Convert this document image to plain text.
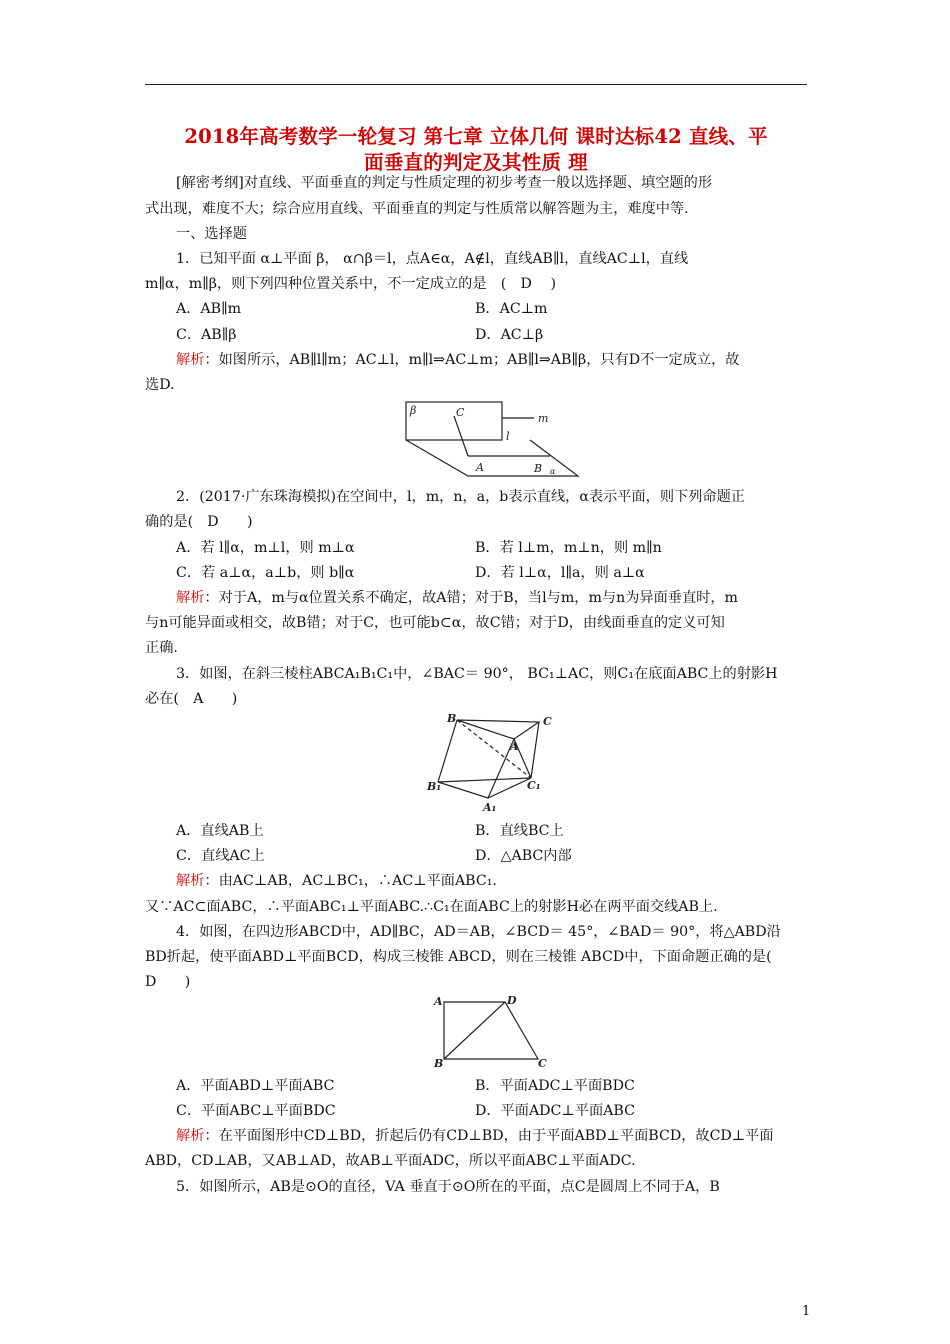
2018年高考数学一轮复习 第七章 立体几何 课时达标42 直线、平
面垂直的判定及其性质 理
[解密考纲]对直线、平面垂直的判定与性质定理的初步考查一般以选择题、填空题的形
式出现，难度不大；综合应用直线、平面垂直的判定与性质常以解答题为主，难度中等.
一、选择题
1．已知平面 α⊥平面 β， α∩β＝l，点A∈α，A∉l，直线AB∥l，直线AC⊥l，直线
m∥α，m∥β，则下列四种位置关系中，不一定成立的是　(　D　 )
A．AB∥m	B．AC⊥m
C．AB∥β	D．AC⊥β
解析：如图所示，AB∥l∥m；AC⊥l，m∥l⇒AC⊥m；AB∥l⇒AB∥β，只有D不一定成立，故
选D.
β	C	m
l
A	B α
2．(2017·广东珠海模拟)在空间中，l，m，n，a，b表示直线，α表示平面，则下列命题正
确的是(　D　　)
A．若 l∥α，m⊥l，则 m⊥α	B．若 l⊥m，m⊥n，则 m∥n
C．若 a⊥α，a⊥b，则 b∥α	D．若 l⊥α，l∥a，则 a⊥α
解析：对于A，m与α位置关系不确定，故A错；对于B，当l与m，m与n为异面垂直时，m
与n可能异面或相交，故B错；对于C，也可能b⊂α，故C错；对于D，由线面垂直的定义可知
正确.
3．如图，在斜三棱柱ABCA₁B₁C₁中，∠BAC＝ 90°， BC₁⊥AC，则C₁在底面ABC上的射影H
必在(　A　　)
B	C
A
B₁	C₁
A₁
A．直线AB上	B．直线BC上
C．直线AC上	D．△ABC内部
解析：由AC⊥AB，AC⊥BC₁，∴AC⊥平面ABC₁.
又∵AC⊂面ABC，∴平面ABC₁⊥平面ABC.∴C₁在面ABC上的射影H必在两平面交线AB上.
4．如图，在四边形ABCD中，AD∥BC，AD＝AB，∠BCD＝ 45°，∠BAD＝ 90°，将△ABD沿
BD折起，使平面ABD⊥平面BCD，构成三棱锥 ABCD，则在三棱锥 ABCD中，下面命题正确的是(
D　　)
A	D
B	C
A．平面ABD⊥平面ABC	B．平面ADC⊥平面BDC
C．平面ABC⊥平面BDC	D．平面ADC⊥平面ABC
解析：在平面图形中CD⊥BD，折起后仍有CD⊥BD，由于平面ABD⊥平面BCD，故CD⊥平面
ABD，CD⊥AB，又AB⊥AD，故AB⊥平面ADC，所以平面ABC⊥平面ADC.
5．如图所示，AB是⊙O的直径，VA 垂直于⊙O所在的平面，点C是圆周上不同于A，B
1
